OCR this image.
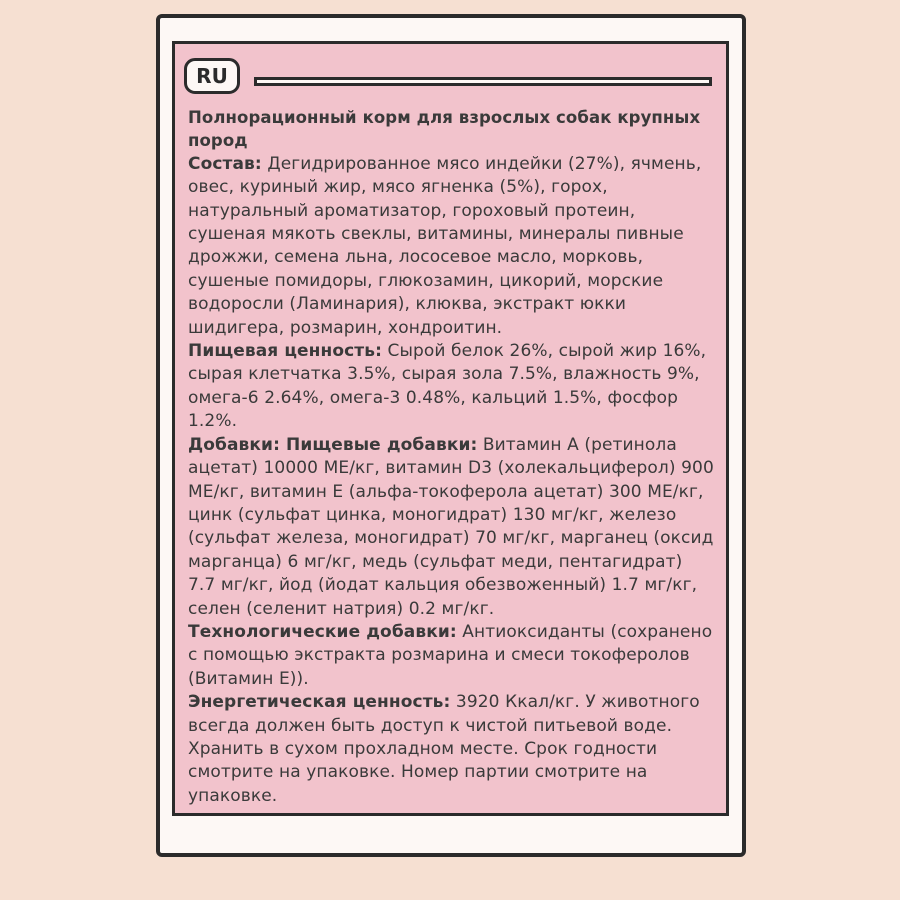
RU

Полнорационный корм для взрослых собак крупных пород

Состав: Дегидрированное мясо индейки (27%), ячмень, овес, куриный жир, мясо ягненка (5%), горох, натуральный ароматизатор, гороховый протеин, сушеная мякоть свеклы, витамины, минералы пивные дрожжи, семена льна, лососевое масло, морковь, сушеные помидоры, глюкозамин, цикорий, морские водоросли (Ламинария), клюква, экстракт юкки шидигера, розмарин, хондроитин.

Пищевая ценность: Сырой белок 26%, сырой жир 16%, сырая клетчатка 3.5%, сырая зола 7.5%, влажность 9%, омега-6 2.64%, омега-3 0.48%, кальций 1.5%, фосфор 1.2%.

Добавки: Пищевые добавки: Витамин А (ретинола ацетат) 10000 МЕ/кг, витамин D3 (холекальциферол) 900 МЕ/кг, витамин Е (альфа-токоферола ацетат) 300 МЕ/кг, цинк (сульфат цинка, моногидрат) 130 мг/кг, железо (сульфат железа, моногидрат) 70 мг/кг, марганец (оксид марганца) 6 мг/кг, медь (сульфат меди, пентагидрат) 7.7 мг/кг, йод (йодат кальция обезвоженный) 1.7 мг/кг, селен (селенит натрия) 0.2 мг/кг.

Технологические добавки: Антиоксиданты (сохранено с помощью экстракта розмарина и смеси токоферолов (Витамин Е)).

Энергетическая ценность: 3920 Ккал/кг. У животного всегда должен быть доступ к чистой питьевой воде. Хранить в сухом прохладном месте. Срок годности смотрите на упаковке. Номер партии смотрите на упаковке.
